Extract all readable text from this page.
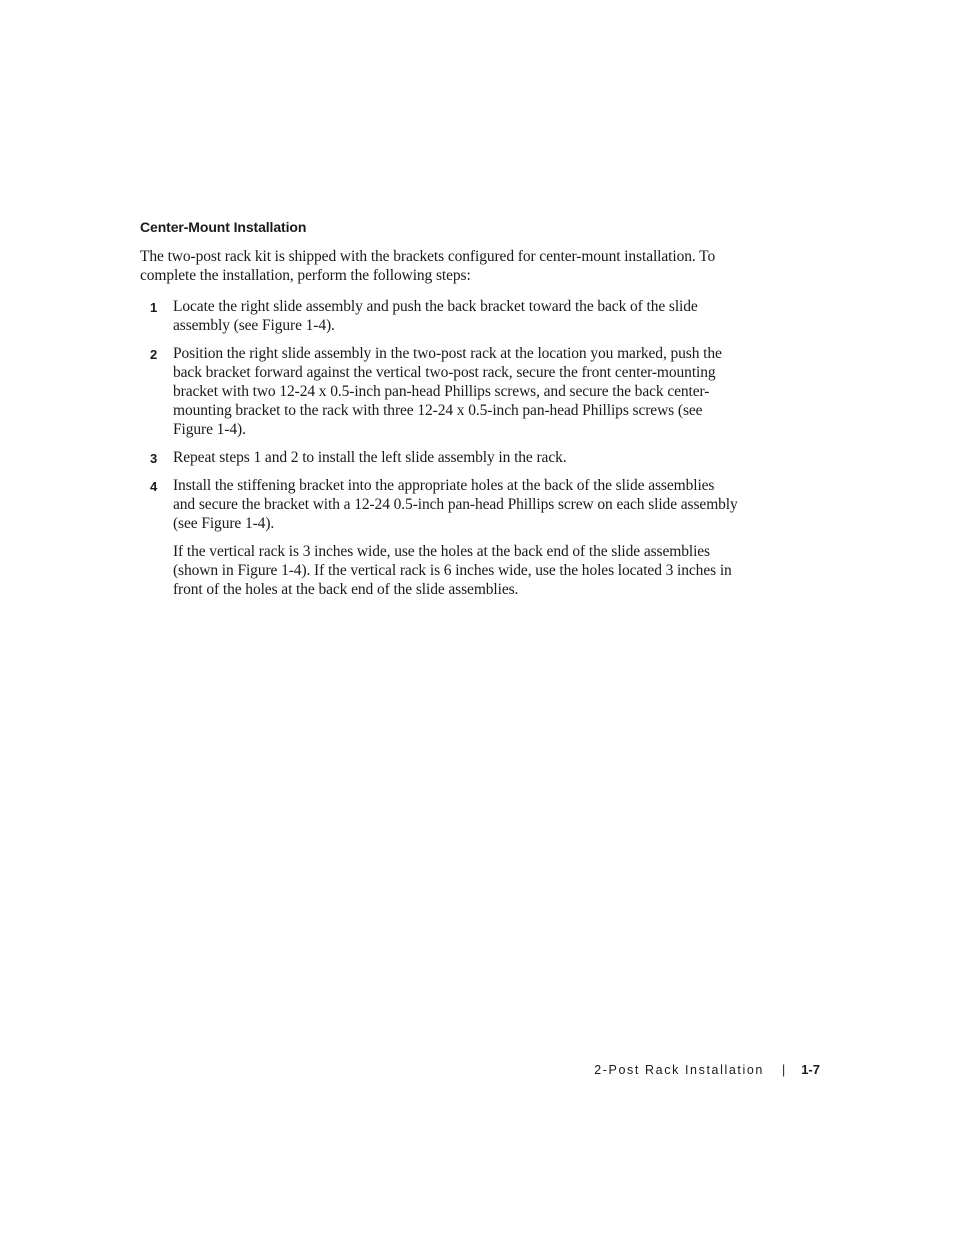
Center-Mount Installation

The two-post rack kit is shipped with the brackets configured for center-mount installation. To complete the installation, perform the following steps:

1 Locate the right slide assembly and push the back bracket toward the back of the slide assembly (see Figure 1-4).
2 Position the right slide assembly in the two-post rack at the location you marked, push the back bracket forward against the vertical two-post rack, secure the front center-mounting bracket with two 12-24 x 0.5-inch pan-head Phillips screws, and secure the back center-mounting bracket to the rack with three 12-24 x 0.5-inch pan-head Phillips screws (see Figure 1-4).
3 Repeat steps 1 and 2 to install the left slide assembly in the rack.
4 Install the stiffening bracket into the appropriate holes at the back of the slide assemblies and secure the bracket with a 12-24 0.5-inch pan-head Phillips screw on each slide assembly (see Figure 1-4).
If the vertical rack is 3 inches wide, use the holes at the back end of the slide assemblies (shown in Figure 1-4). If the vertical rack is 6 inches wide, use the holes located 3 inches in front of the holes at the back end of the slide assemblies.
2-Post Rack Installation | 1-7
